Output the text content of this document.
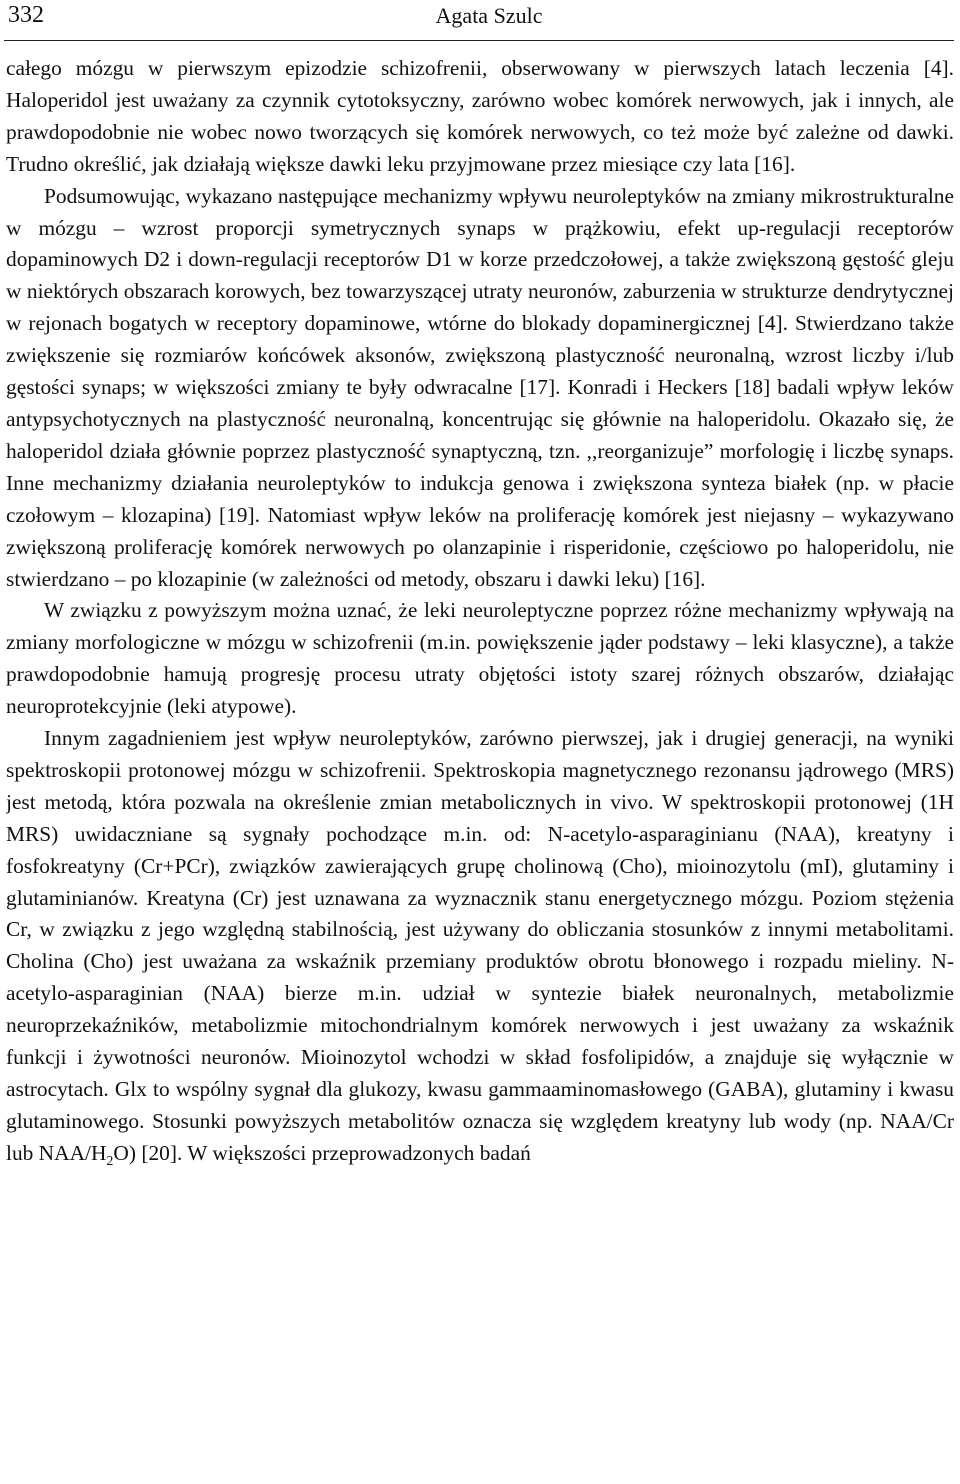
332	Agata Szulc

całego mózgu w pierwszym epizodzie schizofrenii, obserwowany w pierwszych latach leczenia [4]. Haloperidol jest uważany za czynnik cytotoksyczny, zarówno wobec komórek nerwowych, jak i innych, ale prawdopodobnie nie wobec nowo tworzących się komórek nerwowych, co też może być zależne od dawki. Trudno określić, jak działają większe dawki leku przyjmowane przez miesiące czy lata [16].

Podsumowując, wykazano następujące mechanizmy wpływu neuroleptyków na zmiany mikrostrukturalne w mózgu – wzrost proporcji symetrycznych synaps w prążkowiu, efekt up-regulacji receptorów dopaminowych D2 i down-regulacji receptorów D1 w korze przedczołowej, a także zwiększoną gęstość gleju w niektórych obszarach korowych, bez towarzyszącej utraty neuronów, zaburzenia w strukturze dendrytycznej w rejonach bogatych w receptory dopaminowe, wtórne do blokady dopaminergicznej [4]. Stwierdzano także zwiększenie się rozmiarów końcówek aksonów, zwiększoną plastyczność neuronalną, wzrost liczby i/lub gęstości synaps; w większości zmiany te były odwracalne [17]. Konradi i Heckers [18] badali wpływ leków antypsychotycznych na plastyczność neuronalną, koncentrując się głównie na haloperidolu. Okazało się, że haloperidol działa głównie poprzez plastyczność synaptyczną, tzn. ,,reorganizuje” morfologię i liczbę synaps. Inne mechanizmy działania neuroleptyków to indukcja genowa i zwiększona synteza białek (np. w płacie czołowym – klozapina) [19]. Natomiast wpływ leków na proliferację komórek jest niejasny – wykazywano zwiększoną proliferację komórek nerwowych po olanzapinie i risperidonie, częściowo po haloperidolu, nie stwierdzano – po klozapinie (w zależności od metody, obszaru i dawki leku) [16].

W związku z powyższym można uznać, że leki neuroleptyczne poprzez różne mechanizmy wpływają na zmiany morfologiczne w mózgu w schizofrenii (m.in. powiększenie jąder podstawy – leki klasyczne), a także prawdopodobnie hamują progresję procesu utraty objętości istoty szarej różnych obszarów, działając neuroprotekcyjnie (leki atypowe).

Innym zagadnieniem jest wpływ neuroleptyków, zarówno pierwszej, jak i drugiej generacji, na wyniki spektroskopii protonowej mózgu w schizofrenii. Spektroskopia magnetycznego rezonansu jądrowego (MRS) jest metodą, która pozwala na określenie zmian metabolicznych in vivo. W spektroskopii protonowej (1H MRS) uwidaczniane są sygnały pochodzące m.in. od: N-acetylo-asparaginianu (NAA), kreatyny i fosfokreatyny (Cr+PCr), związków zawierających grupę cholinową (Cho), mioinozytolu (mI), glutaminy i glutaminianów. Kreatyna (Cr) jest uznawana za wyznacznik stanu energetycznego mózgu. Poziom stężenia Cr, w związku z jego względną stabilnością, jest używany do obliczania stosunków z innymi metabolitami. Cholina (Cho) jest uważana za wskaźnik przemiany produktów obrotu błonowego i rozpadu mieliny. N-acetylo-asparaginian (NAA) bierze m.in. udział w syntezie białek neuronalnych, metabolizmie neuroprzekaźników, metabolizmie mitochondrialnym komórek nerwowych i jest uważany za wskaźnik funkcji i żywotności neuronów. Mioinozytol wchodzi w skład fosfolipidów, a znajduje się wyłącznie w astrocytach. Glx to wspólny sygnał dla glukozy, kwasu gammaaminomasłowego (GABA), glutaminy i kwasu glutaminowego. Stosunki powyższych metabolitów oznacza się względem kreatyny lub wody (np. NAA/Cr lub NAA/$H_2O$) [20]. W większości przeprowadzonych badań
